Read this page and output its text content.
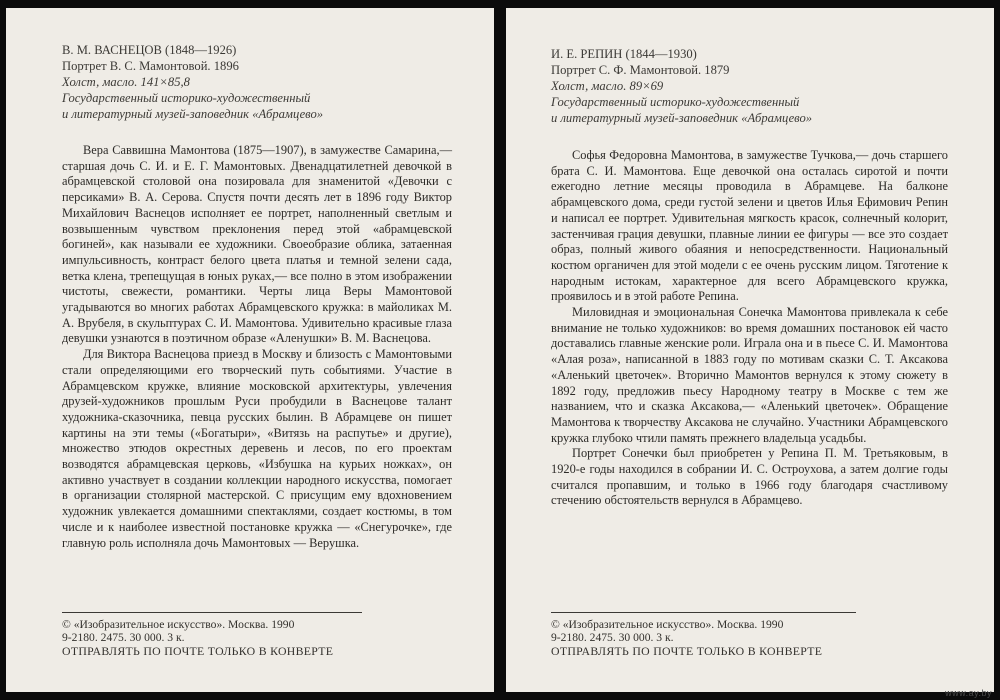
В. М. ВАСНЕЦОВ (1848—1926)
Портрет В. С. Мамонтовой. 1896
Холст, масло. 141×85,8
Государственный историко-художественный
и литературный музей-заповедник «Абрамцево»

Вера Саввишна Мамонтова (1875—1907), в замужестве Самарина,— старшая дочь С. И. и Е. Г. Мамонтовых. Двенадцатилетней девочкой в абрамцевской столовой она позировала для знаменитой «Девочки с персиками» В. А. Серова. Спустя почти десять лет в 1896 году Виктор Михайлович Васнецов исполняет ее портрет, наполненный светлым и возвышенным чувством преклонения перед этой «абрамцевской богиней», как называли ее художники. Своеобразие облика, затаенная импульсивность, контраст белого цвета платья и темной зелени сада, ветка клена, трепещущая в юных руках,— все полно в этом изображении чистоты, свежести, романтики. Черты лица Веры Мамонтовой угадываются во многих работах Абрамцевского кружка: в майоликах М. А. Врубеля, в скульптурах С. И. Мамонтова. Удивительно красивые глаза девушки узнаются в поэтичном образе «Аленушки» В. М. Васнецова.

Для Виктора Васнецова приезд в Москву и близость с Мамонтовыми стали определяющими его творческий путь событиями. Участие в Абрамцевском кружке, влияние московской архитектуры, увлечения друзей-художников прошлым Руси пробудили в Васнецове талант художника-сказочника, певца русских былин. В Абрамцеве он пишет картины на эти темы («Богатыри», «Витязь на распутье» и другие), множество этюдов окрестных деревень и лесов, по его проектам возводятся абрамцевская церковь, «Избушка на курьих ножках», он активно участвует в создании коллекции народного искусства, помогает в организации столярной мастерской. С присущим ему вдохновением художник увлекается домашними спектаклями, создает костюмы, в том числе и к наиболее известной постановке кружка — «Снегурочке», где главную роль исполняла дочь Мамонтовых — Верушка.

© «Изобразительное искусство». Москва. 1990
9-2180. 2475. 30 000. 3 к.
ОТПРАВЛЯТЬ ПО ПОЧТЕ ТОЛЬКО В КОНВЕРТЕ
И. Е. РЕПИН (1844—1930)
Портрет С. Ф. Мамонтовой. 1879
Холст, масло. 89×69
Государственный историко-художественный
и литературный музей-заповедник «Абрамцево»

Софья Федоровна Мамонтова, в замужестве Тучкова,— дочь старшего брата С. И. Мамонтова. Еще девочкой она осталась сиротой и почти ежегодно летние месяцы проводила в Абрамцеве. На балконе абрамцевского дома, среди густой зелени и цветов Илья Ефимович Репин и написал ее портрет. Удивительная мягкость красок, солнечный колорит, застенчивая грация девушки, плавные линии ее фигуры — все это создает образ, полный живого обаяния и непосредственности. Национальный костюм органичен для этой модели с ее очень русским лицом. Тяготение к народным истокам, характерное для всего Абрамцевского кружка, проявилось и в этой работе Репина.

Миловидная и эмоциональная Сонечка Мамонтова привлекала к себе внимание не только художников: во время домашних постановок ей часто доставались главные женские роли. Играла она и в пьесе С. И. Мамонтова «Алая роза», написанной в 1883 году по мотивам сказки С. Т. Аксакова «Аленький цветочек». Вторично Мамонтов вернулся к этому сюжету в 1892 году, предложив пьесу Народному театру в Москве с тем же названием, что и сказка Аксакова,— «Аленький цветочек». Обращение Мамонтова к творчеству Аксакова не случайно. Участники Абрамцевского кружка глубоко чтили память прежнего владельца усадьбы.

Портрет Сонечки был приобретен у Репина П. М. Третьяковым, в 1920-е годы находился в собрании И. С. Остроухова, а затем долгие годы считался пропавшим, и только в 1966 году благодаря счастливому стечению обстоятельств вернулся в Абрамцево.

© «Изобразительное искусство». Москва. 1990
9-2180. 2475. 30 000. 3 к.
ОТПРАВЛЯТЬ ПО ПОЧТЕ ТОЛЬКО В КОНВЕРТЕ
www.ay.by
